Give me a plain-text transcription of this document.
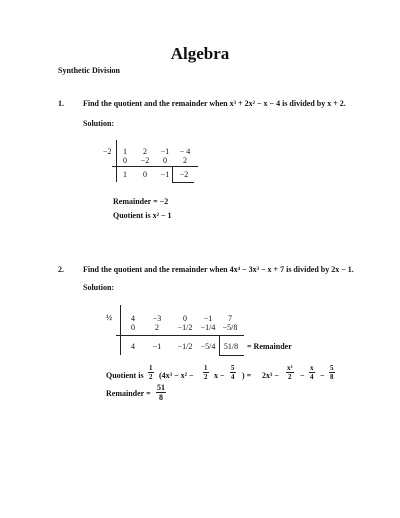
Algebra
Synthetic Division
1. Find the quotient and the remainder when x³ + 2x² − x − 4 is divided by x + 2.
Solution:
−2	1	2	−1	− 4
0	−2	0	2
1	0	−1	−2
Remainder = −2
Quotient is x² − 1
2. Find the quotient and the remainder when 4x⁴ − 3x³ − x + 7 is divided by 2x − 1.
Solution:
½	4	−3	0	−1	7
0	2	−1/2	−1/4 −5/8
4	−1	−1/2	−5/4	51/8	= Remainder
Quotient is $\frac{1}{2} (4x^3 - x^2 - \frac{1}{2}$ $x - \frac{5}{4}$ ) = $2x^3 - \frac{\text{x²}}{2} - \frac{x}{4} - \frac{5}{8}$
Remainder = $\frac{51}{8}$
